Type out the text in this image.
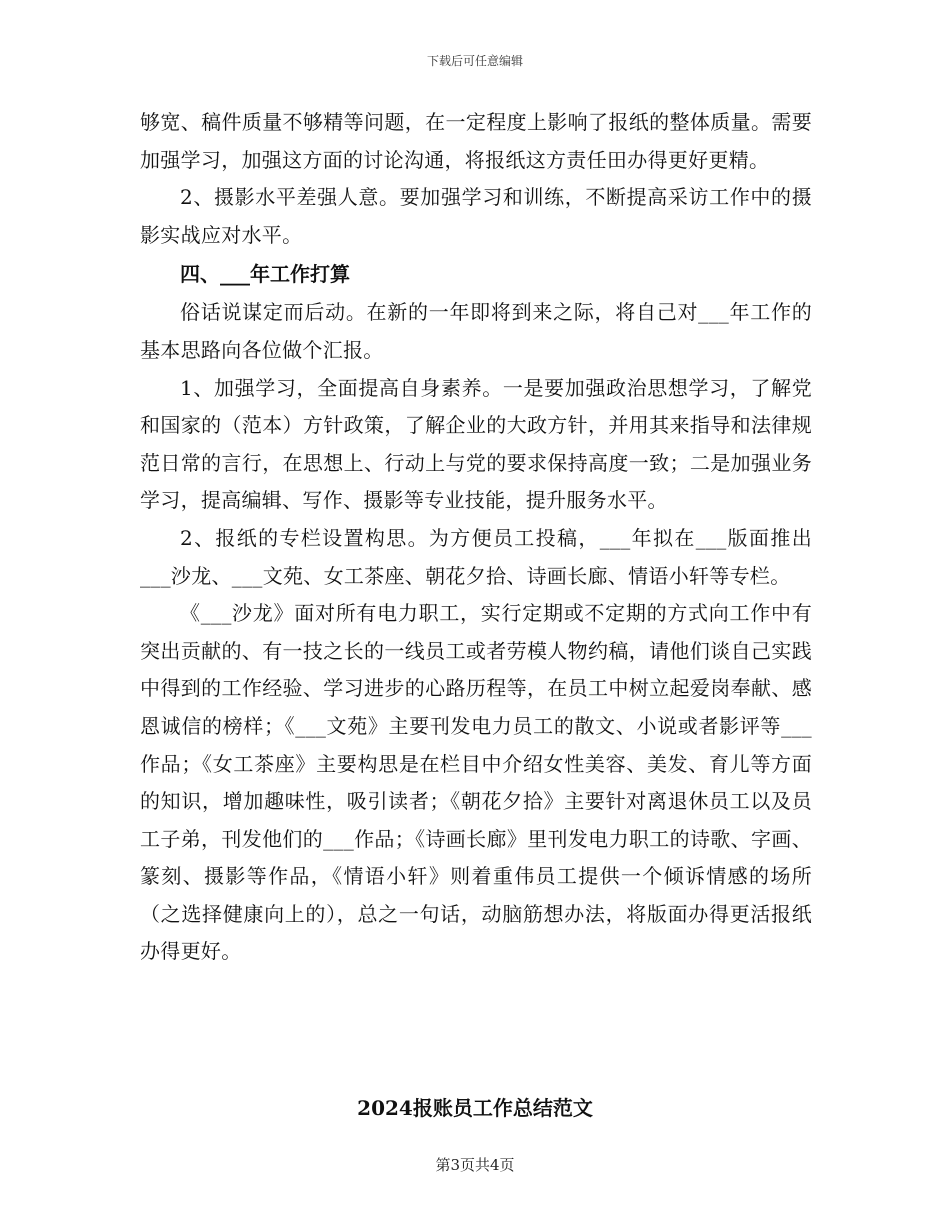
下载后可任意编辑

够宽、稿件质量不够精等问题，在一定程度上影响了报纸的整体质量。需要加强学习，加强这方面的讨论沟通，将报纸这方责任田办得更好更精。

2、摄影水平差强人意。要加强学习和训练，不断提高采访工作中的摄影实战应对水平。

四、___年工作打算

俗话说谋定而后动。在新的一年即将到来之际，将自己对___年工作的基本思路向各位做个汇报。

1、加强学习，全面提高自身素养。一是要加强政治思想学习，了解党和国家的（范本）方针政策，了解企业的大政方针，并用其来指导和法律规范日常的言行，在思想上、行动上与党的要求保持高度一致；二是加强业务学习，提高编辑、写作、摄影等专业技能，提升服务水平。

2、报纸的专栏设置构思。为方便员工投稿，___年拟在___版面推出___沙龙、___文苑、女工茶座、朝花夕拾、诗画长廊、情语小轩等专栏。

《___沙龙》面对所有电力职工，实行定期或不定期的方式向工作中有突出贡献的、有一技之长的一线员工或者劳模人物约稿，请他们谈自己实践中得到的工作经验、学习进步的心路历程等，在员工中树立起爱岗奉献、感恩诚信的榜样；《___文苑》主要刊发电力员工的散文、小说或者影评等___作品；《女工茶座》主要构思是在栏目中介绍女性美容、美发、育儿等方面的知识，增加趣味性，吸引读者；《朝花夕拾》主要针对离退休员工以及员工子弟，刊发他们的___作品；《诗画长廊》里刊发电力职工的诗歌、字画、篆刻、摄影等作品，《情语小轩》则着重伟员工提供一个倾诉情感的场所（之选择健康向上的），总之一句话，动脑筋想办法，将版面办得更活报纸办得更好。

2024报账员工作总结范文
第3页共4页
